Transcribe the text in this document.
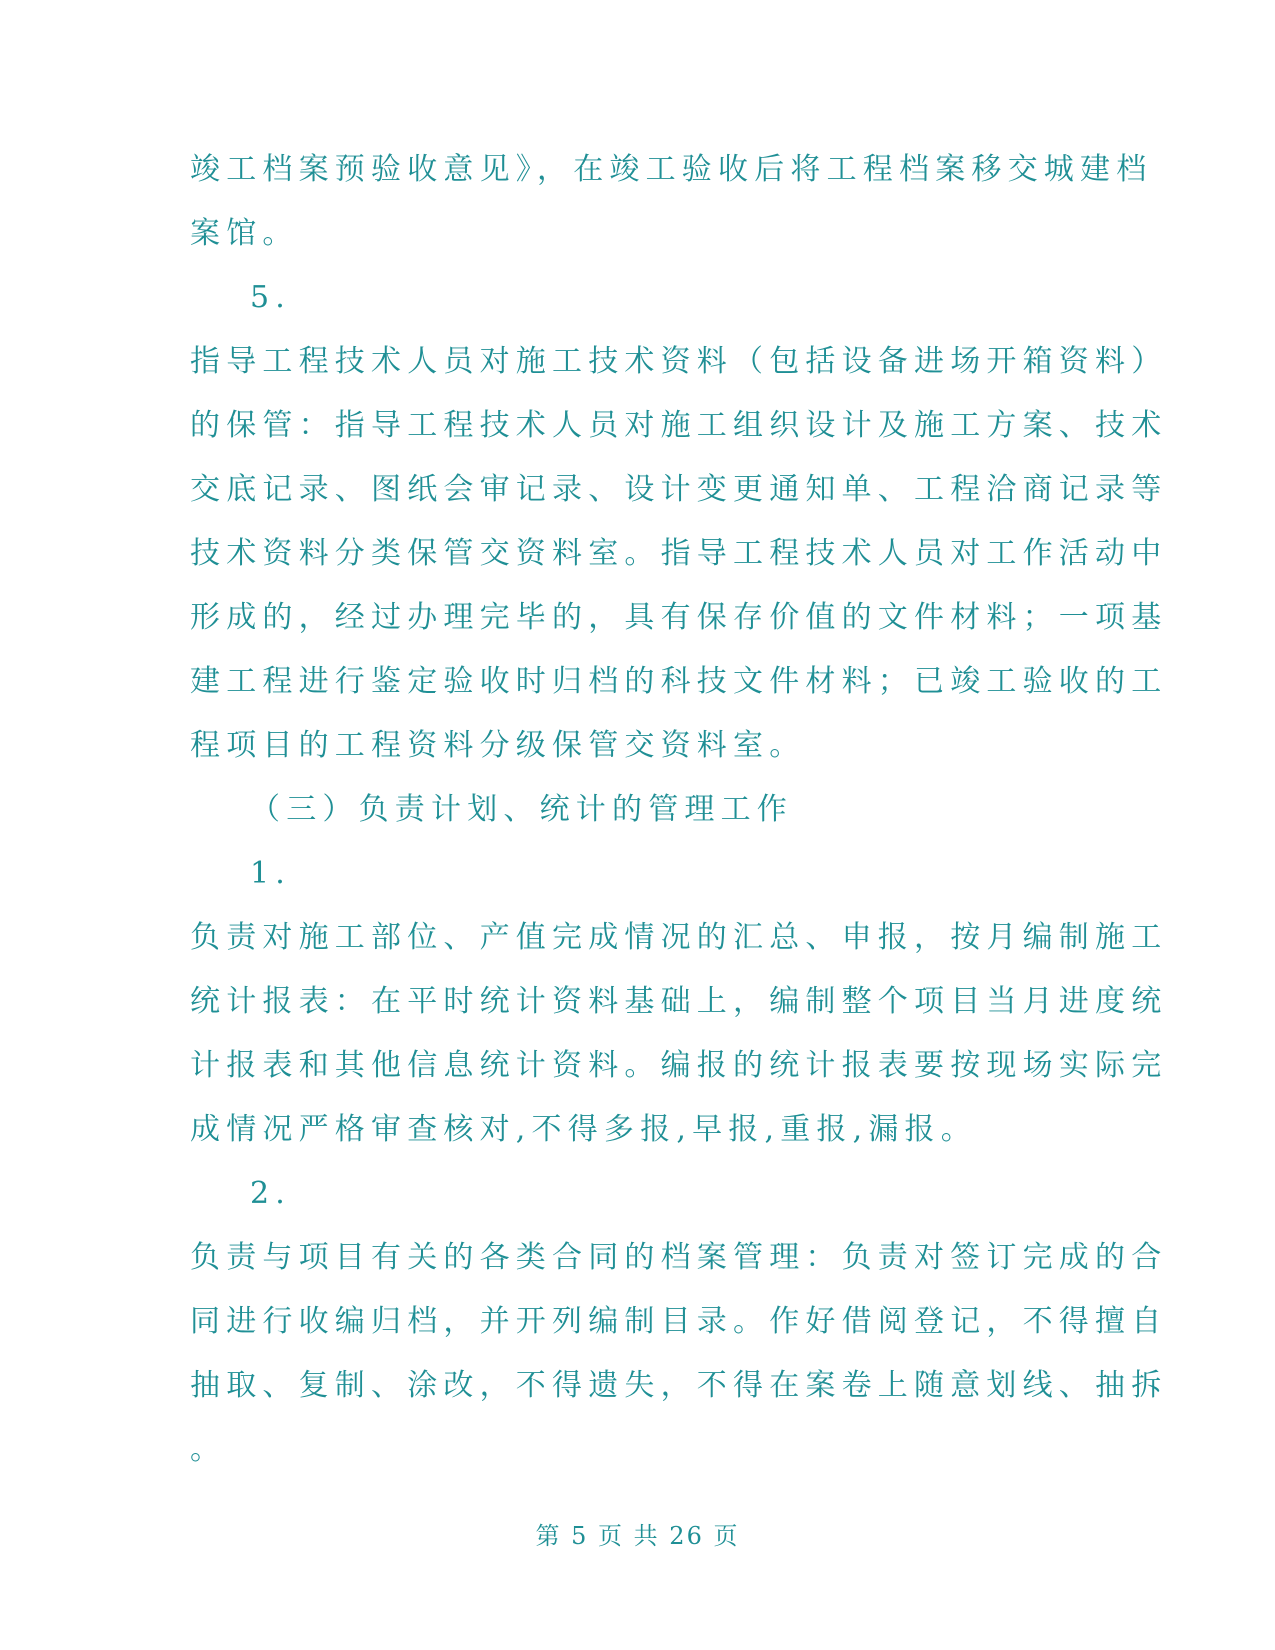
竣工档案预验收意见》，在竣工验收后将工程档案移交城建档
案馆。
5.
指导工程技术人员对施工技术资料（包括设备进场开箱资料）
的保管：指导工程技术人员对施工组织设计及施工方案、技术
交底记录、图纸会审记录、设计变更通知单、工程洽商记录等
技术资料分类保管交资料室。指导工程技术人员对工作活动中
形成的，经过办理完毕的，具有保存价值的文件材料；一项基
建工程进行鉴定验收时归档的科技文件材料；已竣工验收的工
程项目的工程资料分级保管交资料室。
（三）负责计划、统计的管理工作
1.
负责对施工部位、产值完成情况的汇总、申报，按月编制施工
统计报表：在平时统计资料基础上，编制整个项目当月进度统
计报表和其他信息统计资料。编报的统计报表要按现场实际完
成情况严格审查核对,不得多报,早报,重报,漏报。
2.
负责与项目有关的各类合同的档案管理：负责对签订完成的合
同进行收编归档，并开列编制目录。作好借阅登记，不得擅自
抽取、复制、涂改，不得遗失，不得在案卷上随意划线、抽拆
。
第 5 页 共 26 页
